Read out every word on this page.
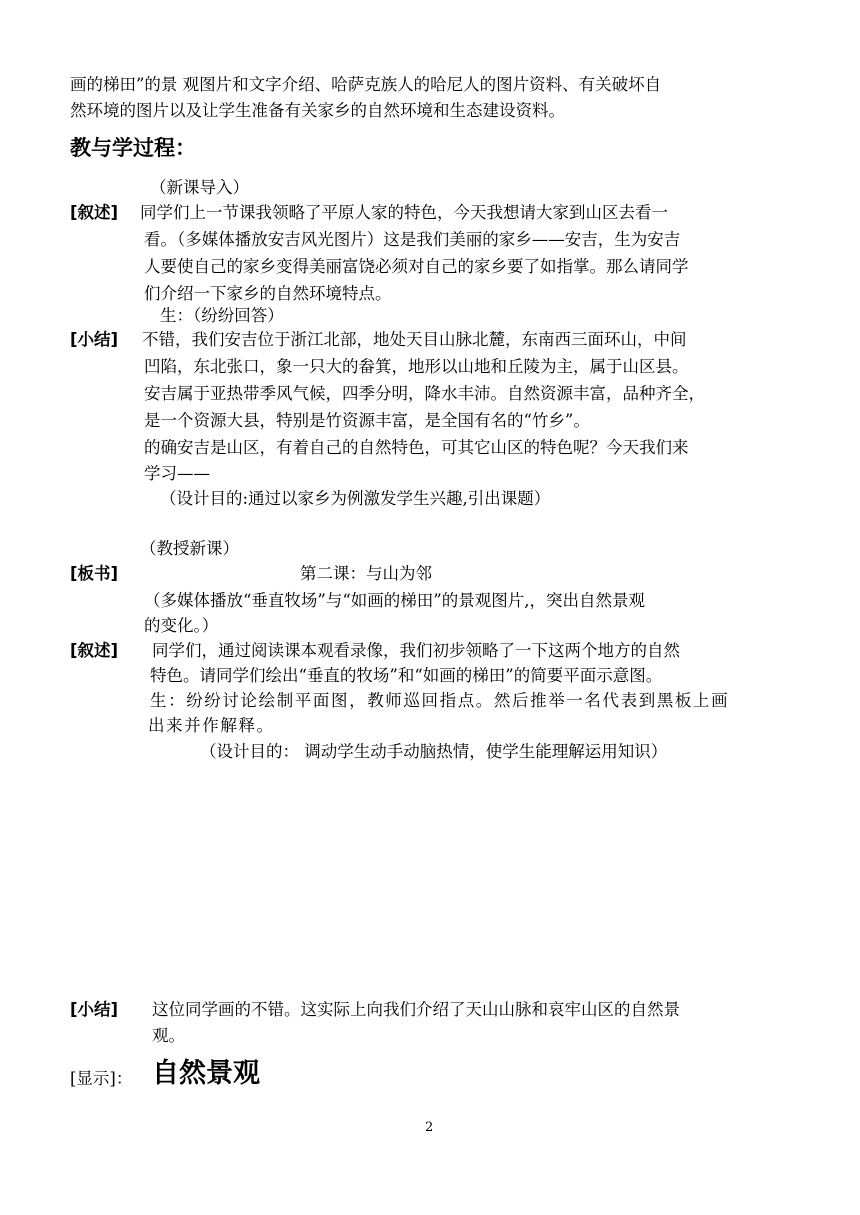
画的梯田”的景 观图片和文字介绍、哈萨克族人的哈尼人的图片资料、有关破坏自
然环境的图片以及让学生准备有关家乡的自然环境和生态建设资料。
教与学过程：
（新课导入）
[叙述] 同学们上一节课我领略了平原人家的特色，今天我想请大家到山区去看一
看。（多媒体播放安吉风光图片）这是我们美丽的家乡——安吉，生为安吉
人要使自己的家乡变得美丽富饶必须对自己的家乡要了如指掌。那么请同学
们介绍一下家乡的自然环境特点。
生：（纷纷回答）
[小结] 不错，我们安吉位于浙江北部，地处天目山脉北麓，东南西三面环山，中间
凹陷，东北张口，象一只大的畚箕，地形以山地和丘陵为主，属于山区县。
安吉属于亚热带季风气候，四季分明，降水丰沛。自然资源丰富，品种齐全，
是一个资源大县，特别是竹资源丰富，是全国有名的“竹乡”。
的确安吉是山区，有着自己的自然特色，可其它山区的特色呢？今天我们来
学习——
（设计目的:通过以家乡为例激发学生兴趣,引出课题）
（教授新课）
[板书]	第二课：与山为邻
（多媒体播放“垂直牧场”与“如画的梯田”的景观图片,，突出自然景观
的变化。）
[叙述] 同学们，通过阅读课本观看录像，我们初步领略了一下这两个地方的自然
特色。请同学们绘出“垂直的牧场”和“如画的梯田”的简要平面示意图。
生：纷纷讨论绘制平面图，教师巡回指点。然后推举一名代表到黑板上画
出来并作解释。
（设计目的： 调动学生动手动脑热情，使学生能理解运用知识）
[小结] 这位同学画的不错。这实际上向我们介绍了天山山脉和哀牢山区的自然景
观。
[显示]： 自然景观
2
